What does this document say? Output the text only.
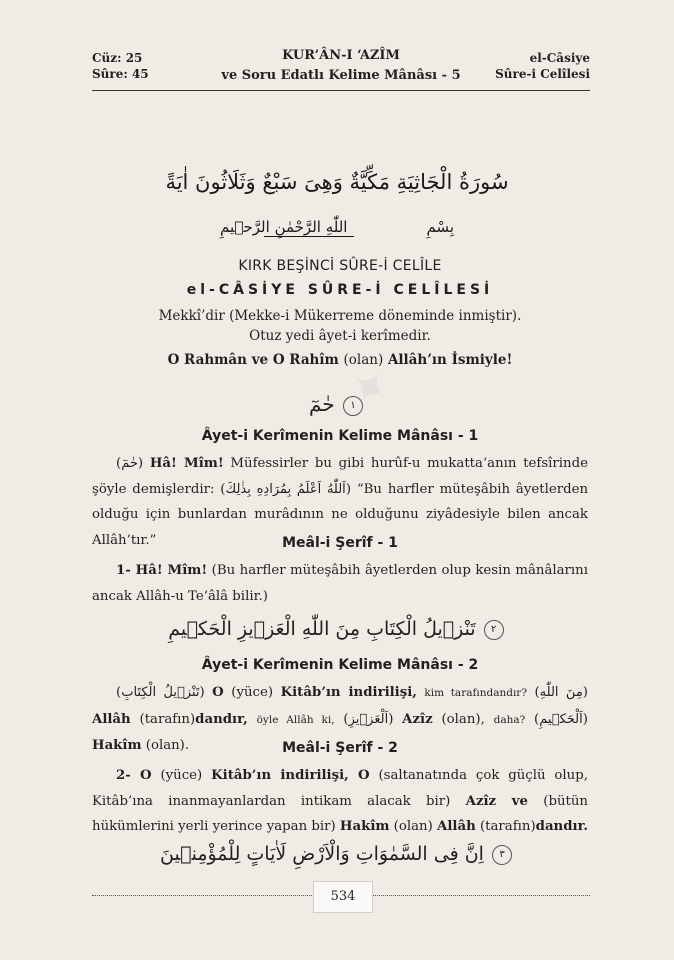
Cüz: 25
Sûre: 45
KUR’ÂN-I ‘AZÎM
ve Soru Edatlı Kelime Mânâsı - 5
el-Câsiye
Sûre-i Celîlesi
سُورَةُ الْجَاثِيَةِ مَكِّيَّةٌ وَهِىَ سَبْعٌ وَثَلَاثُونَ اٰيَةً
بِسْمِ
اللّٰهِ الرَّحْمٰنِ الرَّح۪يمِ
KIRK BEŞİNCİ SÛRE-İ CELÎLE
el-CÂSİYE SÛRE-İ CELÎLESİ
Mekkî’dir (Mekke-i Mükerreme döneminde inmiştir).
Otuz yedi âyet-i kerîmedir.
O Rahmân ve O Rahîm (olan) Allâh’ın İsmiyle!
حٰمٓ ١
Âyet-i Kerîmenin Kelime Mânâsı - 1
(حٰمٓ) Hâ! Mîm! Müfessirler bu gibi hurûf-u mukatta‘anın tefsîrinde şöyle demişlerdir: (اَللّٰهُ اَعْلَمُ بِمُرَادِهِ بِذٰلِكَ) “Bu harfler müteşâbih âyetlerden olduğu için bunlardan murâdının ne olduğunu ziyâdesiyle bilen ancak Allâh’tır.”	Meâl-i Şerîf - 1
1- Hâ! Mîm! (Bu harfler müteşâbih âyetlerden olup kesin mânâlarını ancak Allâh-u Te‘âlâ bilir.)
تَنْز۪يلُ الْكِتَابِ مِنَ اللّٰهِ الْعَز۪يزِ الْحَك۪يمِ ٢
Âyet-i Kerîmenin Kelime Mânâsı - 2
(تَنْز۪يلُ الْكِتَابِ) O (yüce) Kitâb’ın indirilişi, kim tarafındandır? (مِنَ اللّٰهِ) Allâh (tarafın)dandır, öyle Allâh ki, (اَلْعَز۪يزِ) Azîz (olan), daha? (اَلْحَك۪يمِ) Hakîm (olan).	Meâl-i Şerîf - 2
2- O (yüce) Kitâb’ın indirilişi, O (saltanatında çok güçlü olup, Kitâb’ına inanmayanlardan intikam alacak bir) Azîz ve (bütün hükümlerini yerli yerince yapan bir) Hakîm (olan) Allâh (tarafın)dandır.
اِنَّ فِى السَّمٰوَاتِ وَالْاَرْضِ لَاٰيَاتٍ لِلْمُؤْمِن۪ينَ ٣
534
